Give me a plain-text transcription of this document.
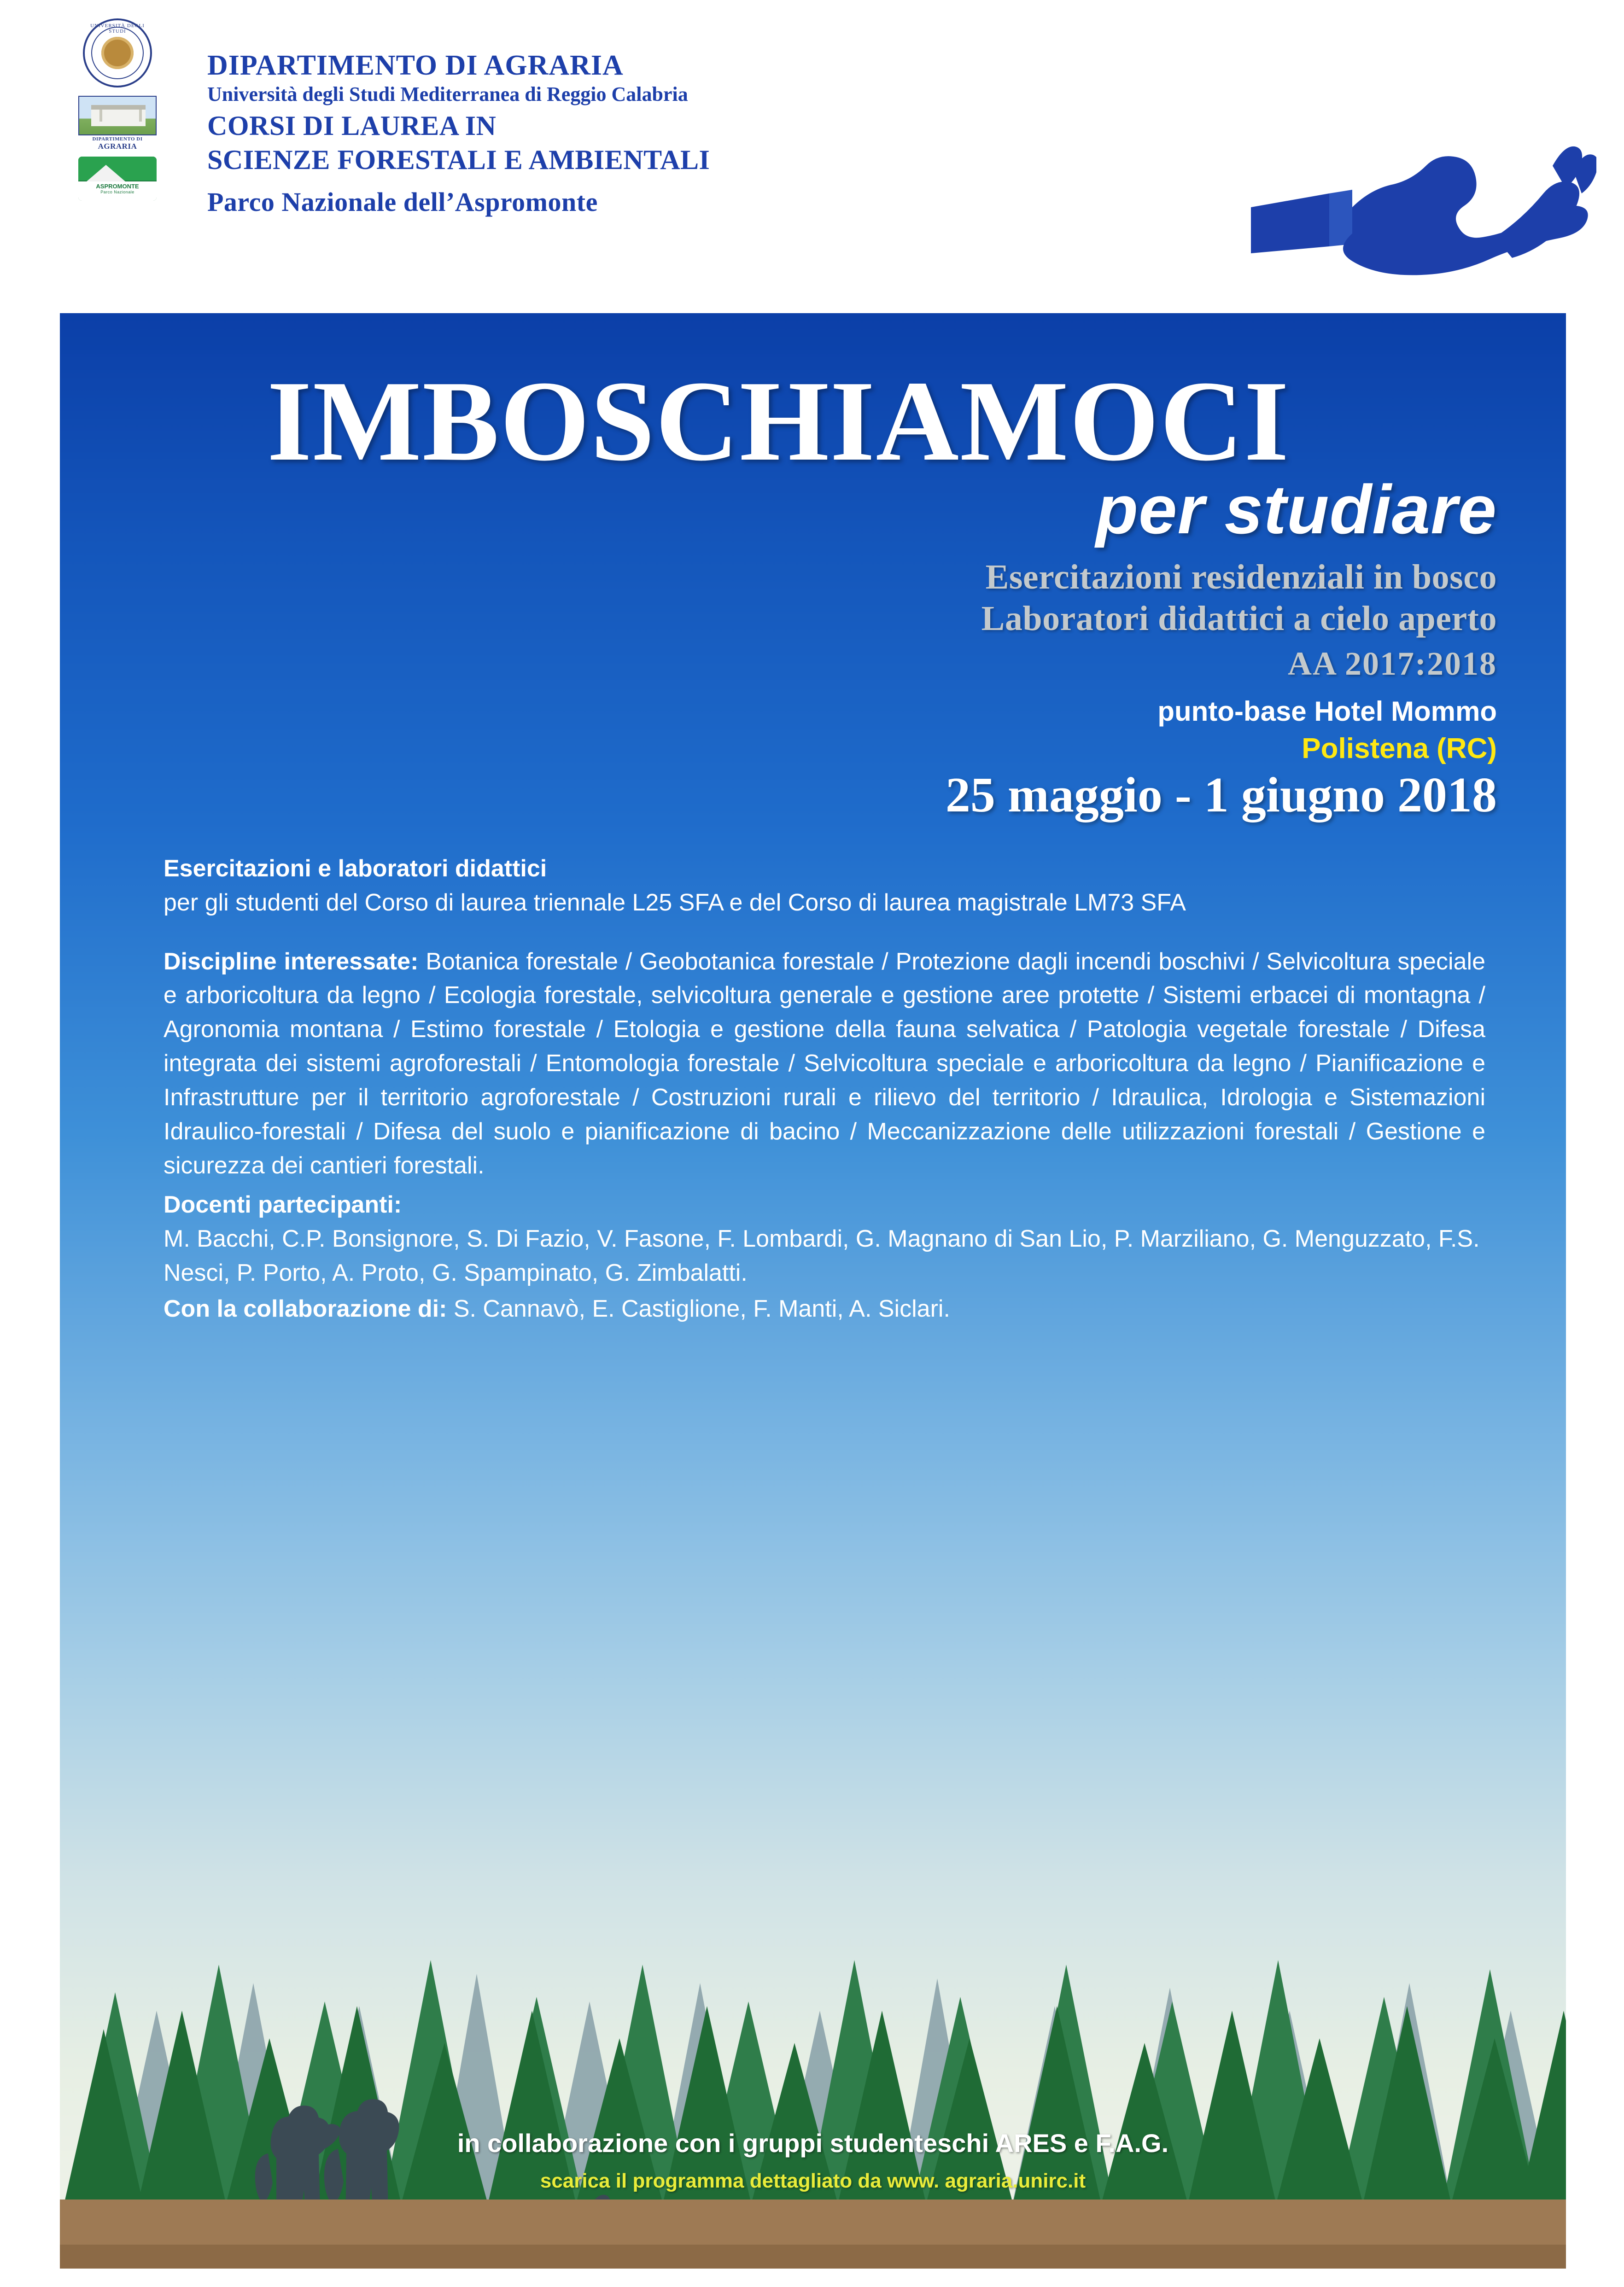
UNIVERSITÀ DEGLI STUDI
DIPARTIMENTO DI
AGRARIA
ASPROMONTE
Parco Nazionale
DIPARTIMENTO DI AGRARIA
Università degli Studi Mediterranea di Reggio Calabria
CORSI DI LAUREA IN
SCIENZE FORESTALI E AMBIENTALI
Parco Nazionale dell’Aspromonte
IMBOSCHIAMOCI
per studiare
Esercitazioni residenziali in bosco
Laboratori didattici a cielo aperto
AA 2017:2018
punto-base Hotel Mommo
Polistena (RC)
25 maggio - 1 giugno 2018
Esercitazioni e laboratori didattici
per gli studenti del Corso di laurea triennale L25 SFA e del Corso di laurea magistrale LM73 SFA
Discipline interessate: Botanica forestale / Geobotanica forestale / Protezione dagli incendi boschivi / Selvicoltura speciale e arboricoltura da legno / Ecologia forestale, selvicoltura generale e gestione aree protette / Sistemi erbacei di montagna / Agronomia montana / Estimo forestale / Etologia e gestione della fauna selvatica / Patologia vegetale forestale / Difesa integrata dei sistemi agroforestali / Entomologia forestale / Selvicoltura speciale e arboricoltura da legno / Pianificazione e Infrastrutture per il territorio agroforestale / Costruzioni rurali e rilievo del territorio / Idraulica, Idrologia e Sistemazioni Idraulico-forestali / Difesa del suolo e pianificazione di bacino / Meccanizzazione delle utilizzazioni forestali / Gestione e sicurezza dei cantieri forestali.
Docenti partecipanti:
M. Bacchi, C.P. Bonsignore, S. Di Fazio, V. Fasone, F. Lombardi, G. Magnano di San Lio, P. Marziliano, G. Menguzzato, F.S. Nesci, P. Porto, A. Proto, G. Spampinato, G. Zimbalatti.
Con la collaborazione di: S. Cannavò, E. Castiglione, F. Manti, A. Siclari.
in collaborazione con i gruppi studenteschi ARES e F.A.G.
scarica il programma dettagliato da www. agraria.unirc.it
